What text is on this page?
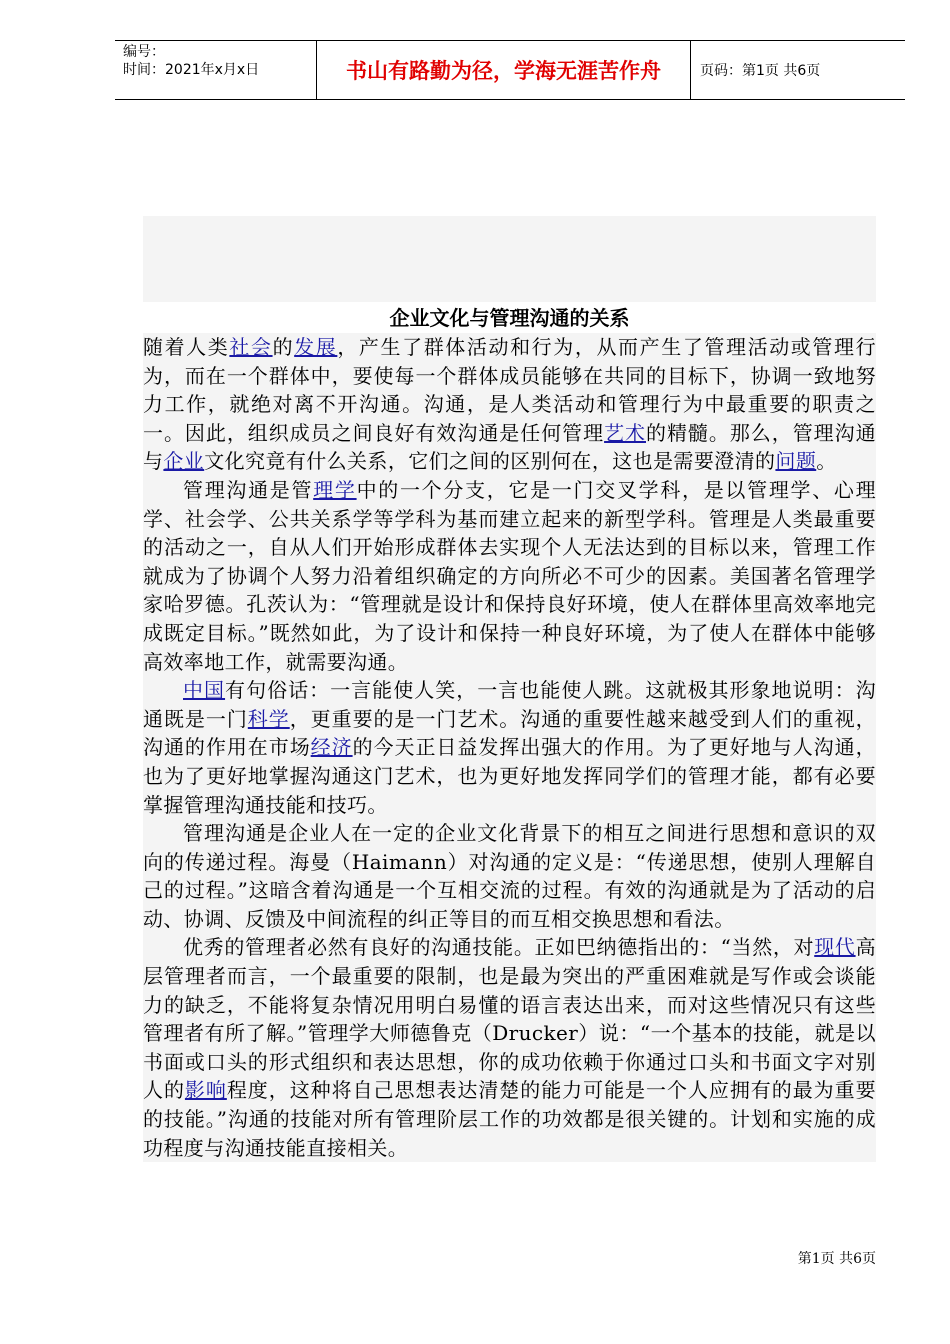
编号：
时间：2021年x月x日	书山有路勤为径，学海无涯苦作舟	页码：第1页 共6页
企业文化与管理沟通的关系

随着人类社会的发展，产生了群体活动和行为，从而产生了管理活动或管理行为，而在一个群体中，要使每一个群体成员能够在共同的目标下，协调一致地努力工作，就绝对离不开沟通。沟通，是人类活动和管理行为中最重要的职责之一。因此，组织成员之间良好有效沟通是任何管理艺术的精髓。那么，管理沟通与企业文化究竟有什么关系，它们之间的区别何在，这也是需要澄清的问题。

管理沟通是管理学中的一个分支，它是一门交叉学科，是以管理学、心理学、社会学、公共关系学等学科为基而建立起来的新型学科。管理是人类最重要的活动之一，自从人们开始形成群体去实现个人无法达到的目标以来，管理工作就成为了协调个人努力沿着组织确定的方向所必不可少的因素。美国著名管理学家哈罗德。孔茨认为：“管理就是设计和保持良好环境，使人在群体里高效率地完成既定目标。”既然如此，为了设计和保持一种良好环境，为了使人在群体中能够高效率地工作，就需要沟通。

中国有句俗话：一言能使人笑，一言也能使人跳。这就极其形象地说明：沟通既是一门科学，更重要的是一门艺术。沟通的重要性越来越受到人们的重视，沟通的作用在市场经济的今天正日益发挥出强大的作用。为了更好地与人沟通，也为了更好地掌握沟通这门艺术，也为更好地发挥同学们的管理才能，都有必要掌握管理沟通技能和技巧。

管理沟通是企业人在一定的企业文化背景下的相互之间进行思想和意识的双向的传递过程。海曼（Haimann）对沟通的定义是：“传递思想，使别人理解自己的过程。”这暗含着沟通是一个互相交流的过程。有效的沟通就是为了活动的启动、协调、反馈及中间流程的纠正等目的而互相交换思想和看法。

优秀的管理者必然有良好的沟通技能。正如巴纳德指出的：“当然，对现代高层管理者而言，一个最重要的限制，也是最为突出的严重困难就是写作或会谈能力的缺乏，不能将复杂情况用明白易懂的语言表达出来，而对这些情况只有这些管理者有所了解。”管理学大师德鲁克（Drucker）说：“一个基本的技能，就是以书面或口头的形式组织和表达思想，你的成功依赖于你通过口头和书面文字对别人的影响程度，这种将自己思想表达清楚的能力可能是一个人应拥有的最为重要的技能。”沟通的技能对所有管理阶层工作的功效都是很关键的。计划和实施的成功程度与沟通技能直接相关。

第1页 共6页
